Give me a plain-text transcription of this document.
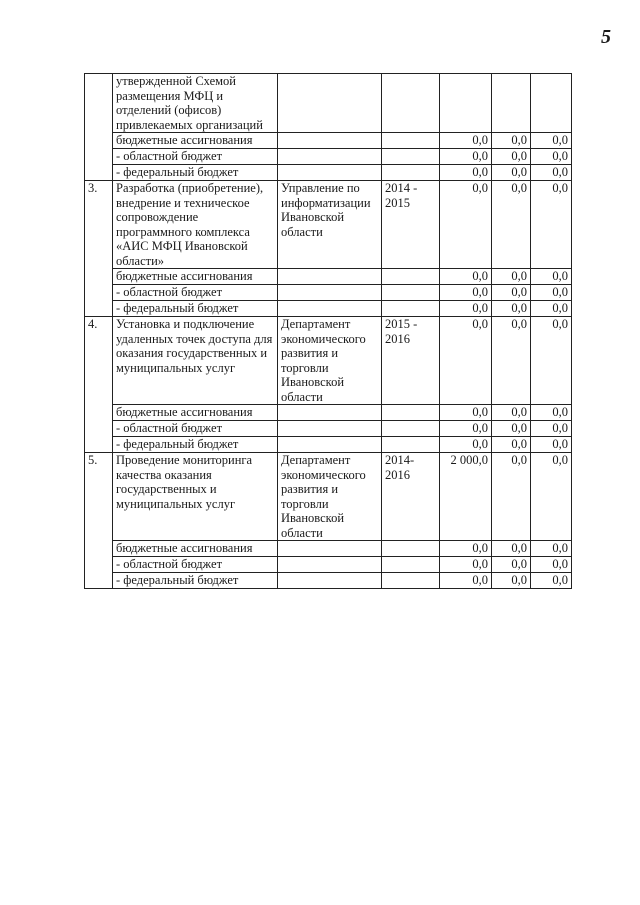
5
	утвержденной Схемой размещения МФЦ и отделений (офисов) привлекаемых организаций					
	бюджетные ассигнования			0,0	0,0	0,0
	- областной бюджет			0,0	0,0	0,0
	- федеральный бюджет			0,0	0,0	0,0
3.	Разработка (приобретение), внедрение и техническое сопровождение программного комплекса «АИС МФЦ Ивановской области»	Управление по информатизации Ивановской области	2014 - 2015	0,0	0,0	0,0
	бюджетные ассигнования			0,0	0,0	0,0
	- областной бюджет			0,0	0,0	0,0
	- федеральный бюджет			0,0	0,0	0,0
4.	Установка и подключение удаленных точек доступа для оказания государственных и муниципальных услуг	Департамент экономического развития и торговли Ивановской области	2015 - 2016	0,0	0,0	0,0
	бюджетные ассигнования			0,0	0,0	0,0
	- областной бюджет			0,0	0,0	0,0
	- федеральный бюджет			0,0	0,0	0,0
5.	Проведение мониторинга качества оказания государственных и муниципальных услуг	Департамент экономического развития и торговли Ивановской области	2014- 2016	2 000,0	0,0	0,0
	бюджетные ассигнования			0,0	0,0	0,0
	- областной бюджет			0,0	0,0	0,0
	- федеральный бюджет			0,0	0,0	0,0
